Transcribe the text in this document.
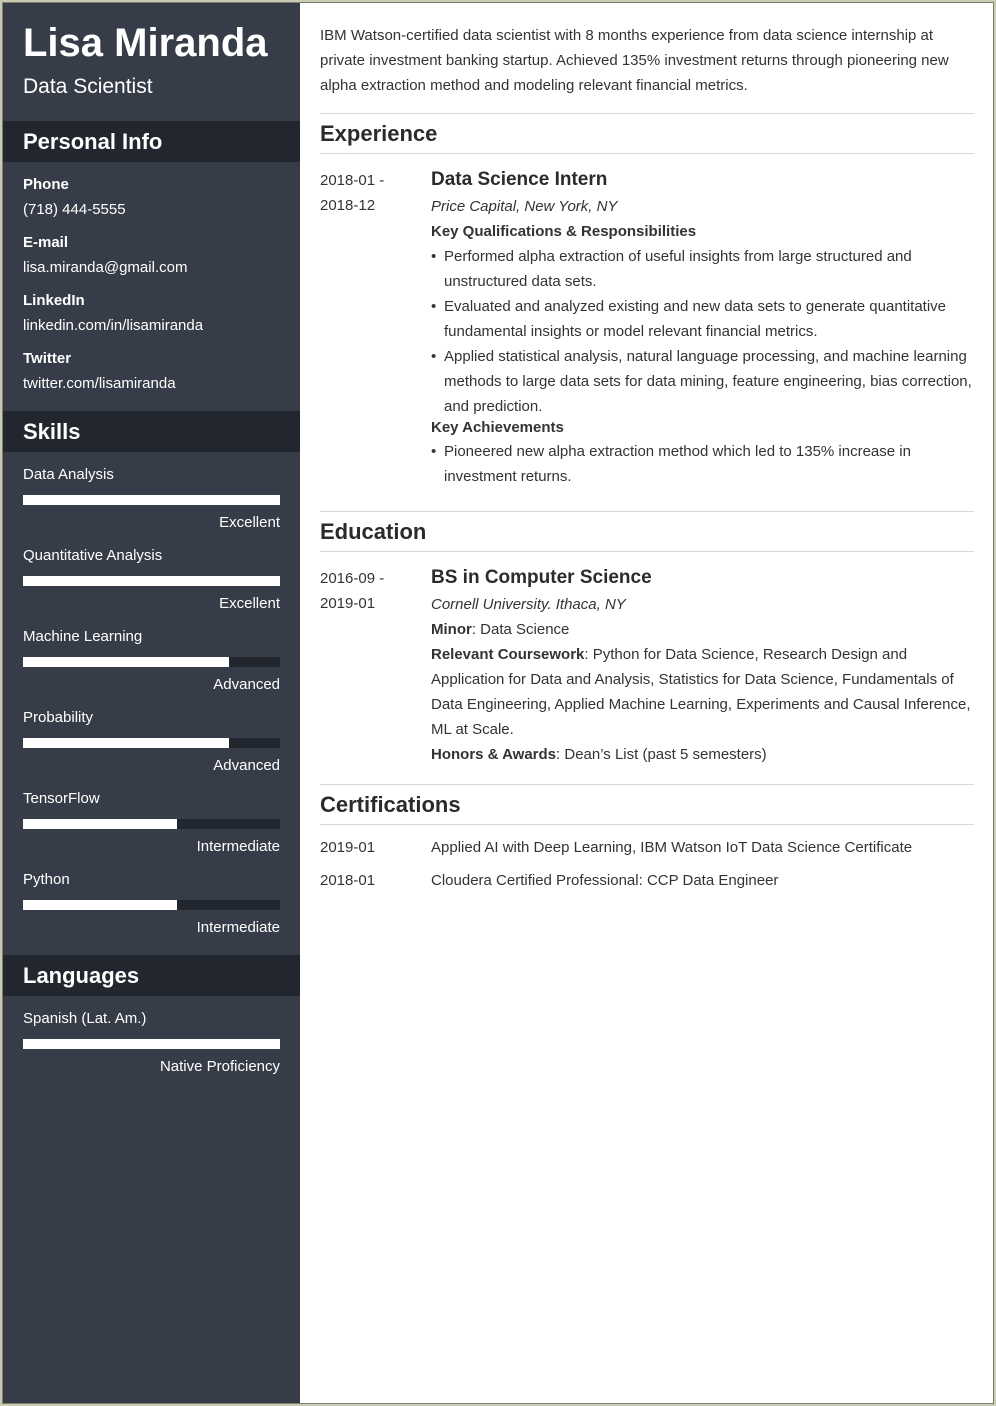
Lisa Miranda
Data Scientist
Personal Info
Phone
(718) 444-5555
E-mail
lisa.miranda@gmail.com
LinkedIn
linkedin.com/in/lisamiranda
Twitter
twitter.com/lisamiranda
Skills
Data Analysis
Excellent
Quantitative Analysis
Excellent
Machine Learning
Advanced
Probability
Advanced
TensorFlow
Intermediate
Python
Intermediate
Languages
Spanish (Lat. Am.)
Native Proficiency
IBM Watson-certified data scientist with 8 months experience from data science internship at private investment banking startup. Achieved 135% investment returns through pioneering new alpha extraction method and modeling relevant financial metrics.
Experience
2018-01 -
2018-12
Data Science Intern
Price Capital, New York, NY
Key Qualifications & Responsibilities
• Performed alpha extraction of useful insights from large structured and unstructured data sets.
• Evaluated and analyzed existing and new data sets to generate quantitative fundamental insights or model relevant financial metrics.
• Applied statistical analysis, natural language processing, and machine learning methods to large data sets for data mining, feature engineering, bias correction, and prediction.
Key Achievements
• Pioneered new alpha extraction method which led to 135% increase in investment returns.
Education
2016-09 -
2019-01
BS in Computer Science
Cornell University. Ithaca, NY
Minor: Data Science
Relevant Coursework: Python for Data Science, Research Design and Application for Data and Analysis, Statistics for Data Science, Fundamentals of Data Engineering, Applied Machine Learning, Experiments and Causal Inference, ML at Scale.
Honors & Awards: Dean’s List (past 5 semesters)
Certifications
2019-01	Applied AI with Deep Learning, IBM Watson IoT Data Science Certificate
2018-01	Cloudera Certified Professional: CCP Data Engineer
